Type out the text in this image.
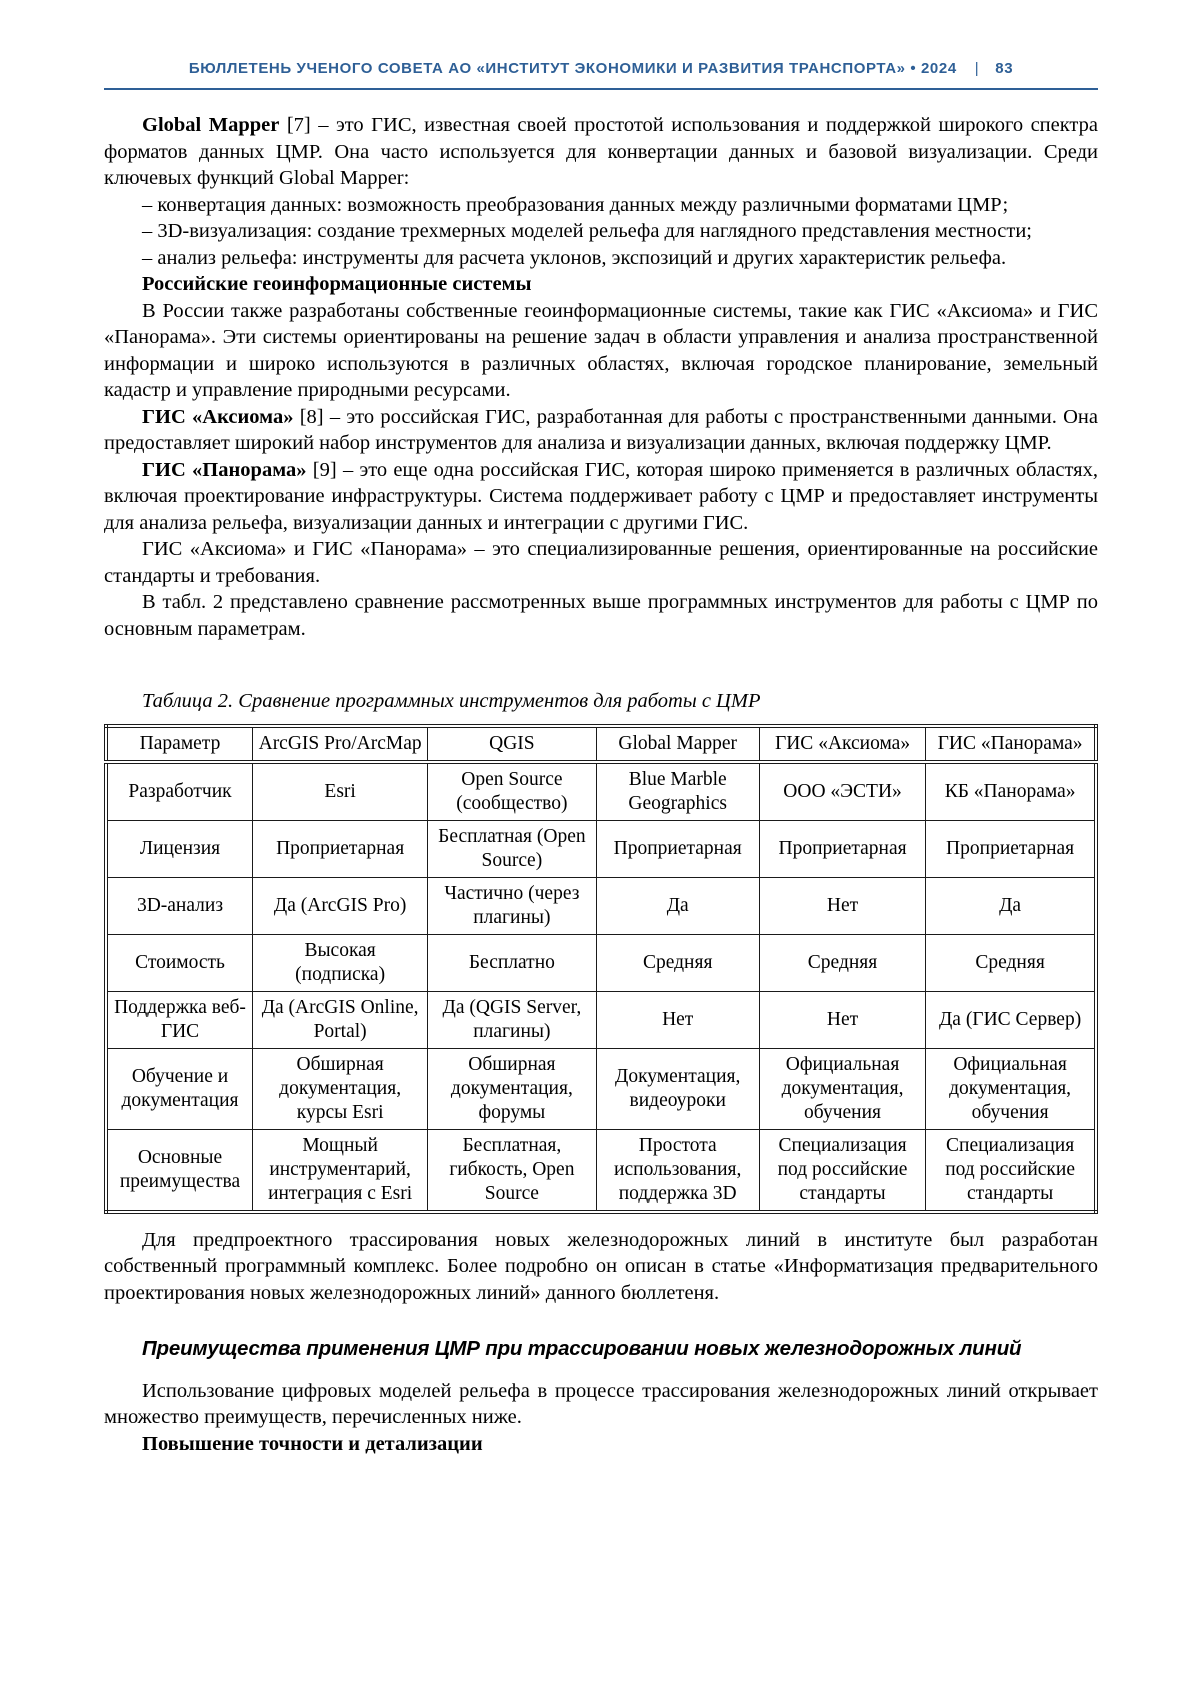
БЮЛЛЕТЕНЬ УЧЕНОГО СОВЕТА АО «ИНСТИТУТ ЭКОНОМИКИ И РАЗВИТИЯ ТРАНСПОРТА» • 2024 | 83

Global Mapper [7] – это ГИС, известная своей простотой использования и поддержкой широкого спектра форматов данных ЦМР. Она часто используется для конвертации данных и базовой визуализации. Среди ключевых функций Global Mapper:

– конвертация данных: возможность преобразования данных между различными форматами ЦМР;

– 3D-визуализация: создание трехмерных моделей рельефа для наглядного представления местности;

– анализ рельефа: инструменты для расчета уклонов, экспозиций и других характеристик рельефа.

Российские геоинформационные системы

В России также разработаны собственные геоинформационные системы, такие как ГИС «Аксиома» и ГИС «Панорама». Эти системы ориентированы на решение задач в области управления и анализа пространственной информации и широко используются в различных областях, включая городское планирование, земельный кадастр и управление природными ресурсами.

ГИС «Аксиома» [8] – это российская ГИС, разработанная для работы с пространственными данными. Она предоставляет широкий набор инструментов для анализа и визуализации данных, включая поддержку ЦМР.

ГИС «Панорама» [9] – это еще одна российская ГИС, которая широко применяется в различных областях, включая проектирование инфраструктуры. Система поддерживает работу с ЦМР и предоставляет инструменты для анализа рельефа, визуализации данных и интеграции с другими ГИС.

ГИС «Аксиома» и ГИС «Панорама» – это специализированные решения, ориентированные на российские стандарты и требования.

В табл. 2 представлено сравнение рассмотренных выше программных инструментов для работы с ЦМР по основным параметрам.

Таблица 2. Сравнение программных инструментов для работы с ЦМР

Параметр	ArcGIS Pro/ArcMap	QGIS	Global Mapper	ГИС «Аксиома»	ГИС «Панорама»
Разработчик	Esri	Open Source (сообщество)	Blue Marble Geographics	ООО «ЭСТИ»	КБ «Панорама»
Лицензия	Проприетарная	Бесплатная (Open Source)	Проприетарная	Проприетарная	Проприетарная
3D-анализ	Да (ArcGIS Pro)	Частично (через плагины)	Да	Нет	Да
Стоимость	Высокая (подписка)	Бесплатно	Средняя	Средняя	Средняя
Поддержка веб-ГИС	Да (ArcGIS Online, Portal)	Да (QGIS Server, плагины)	Нет	Нет	Да (ГИС Сервер)
Обучение и документация	Обширная документация, курсы Esri	Обширная документация, форумы	Документация, видеоуроки	Официальная документация, обучения	Официальная документация, обучения
Основные преимущества	Мощный инструментарий, интеграция с Esri	Бесплатная, гибкость, Open Source	Простота использования, поддержка 3D	Специализация под российские стандарты	Специализация под российские стандарты

Для предпроектного трассирования новых железнодорожных линий в институте был разработан собственный программный комплекс. Более подробно он описан в статье «Информатизация предварительного проектирования новых железнодорожных линий» данного бюллетеня.

Преимущества применения ЦМР при трассировании новых железнодорожных линий

Использование цифровых моделей рельефа в процессе трассирования железнодорожных линий открывает множество преимуществ, перечисленных ниже.

Повышение точности и детализации
